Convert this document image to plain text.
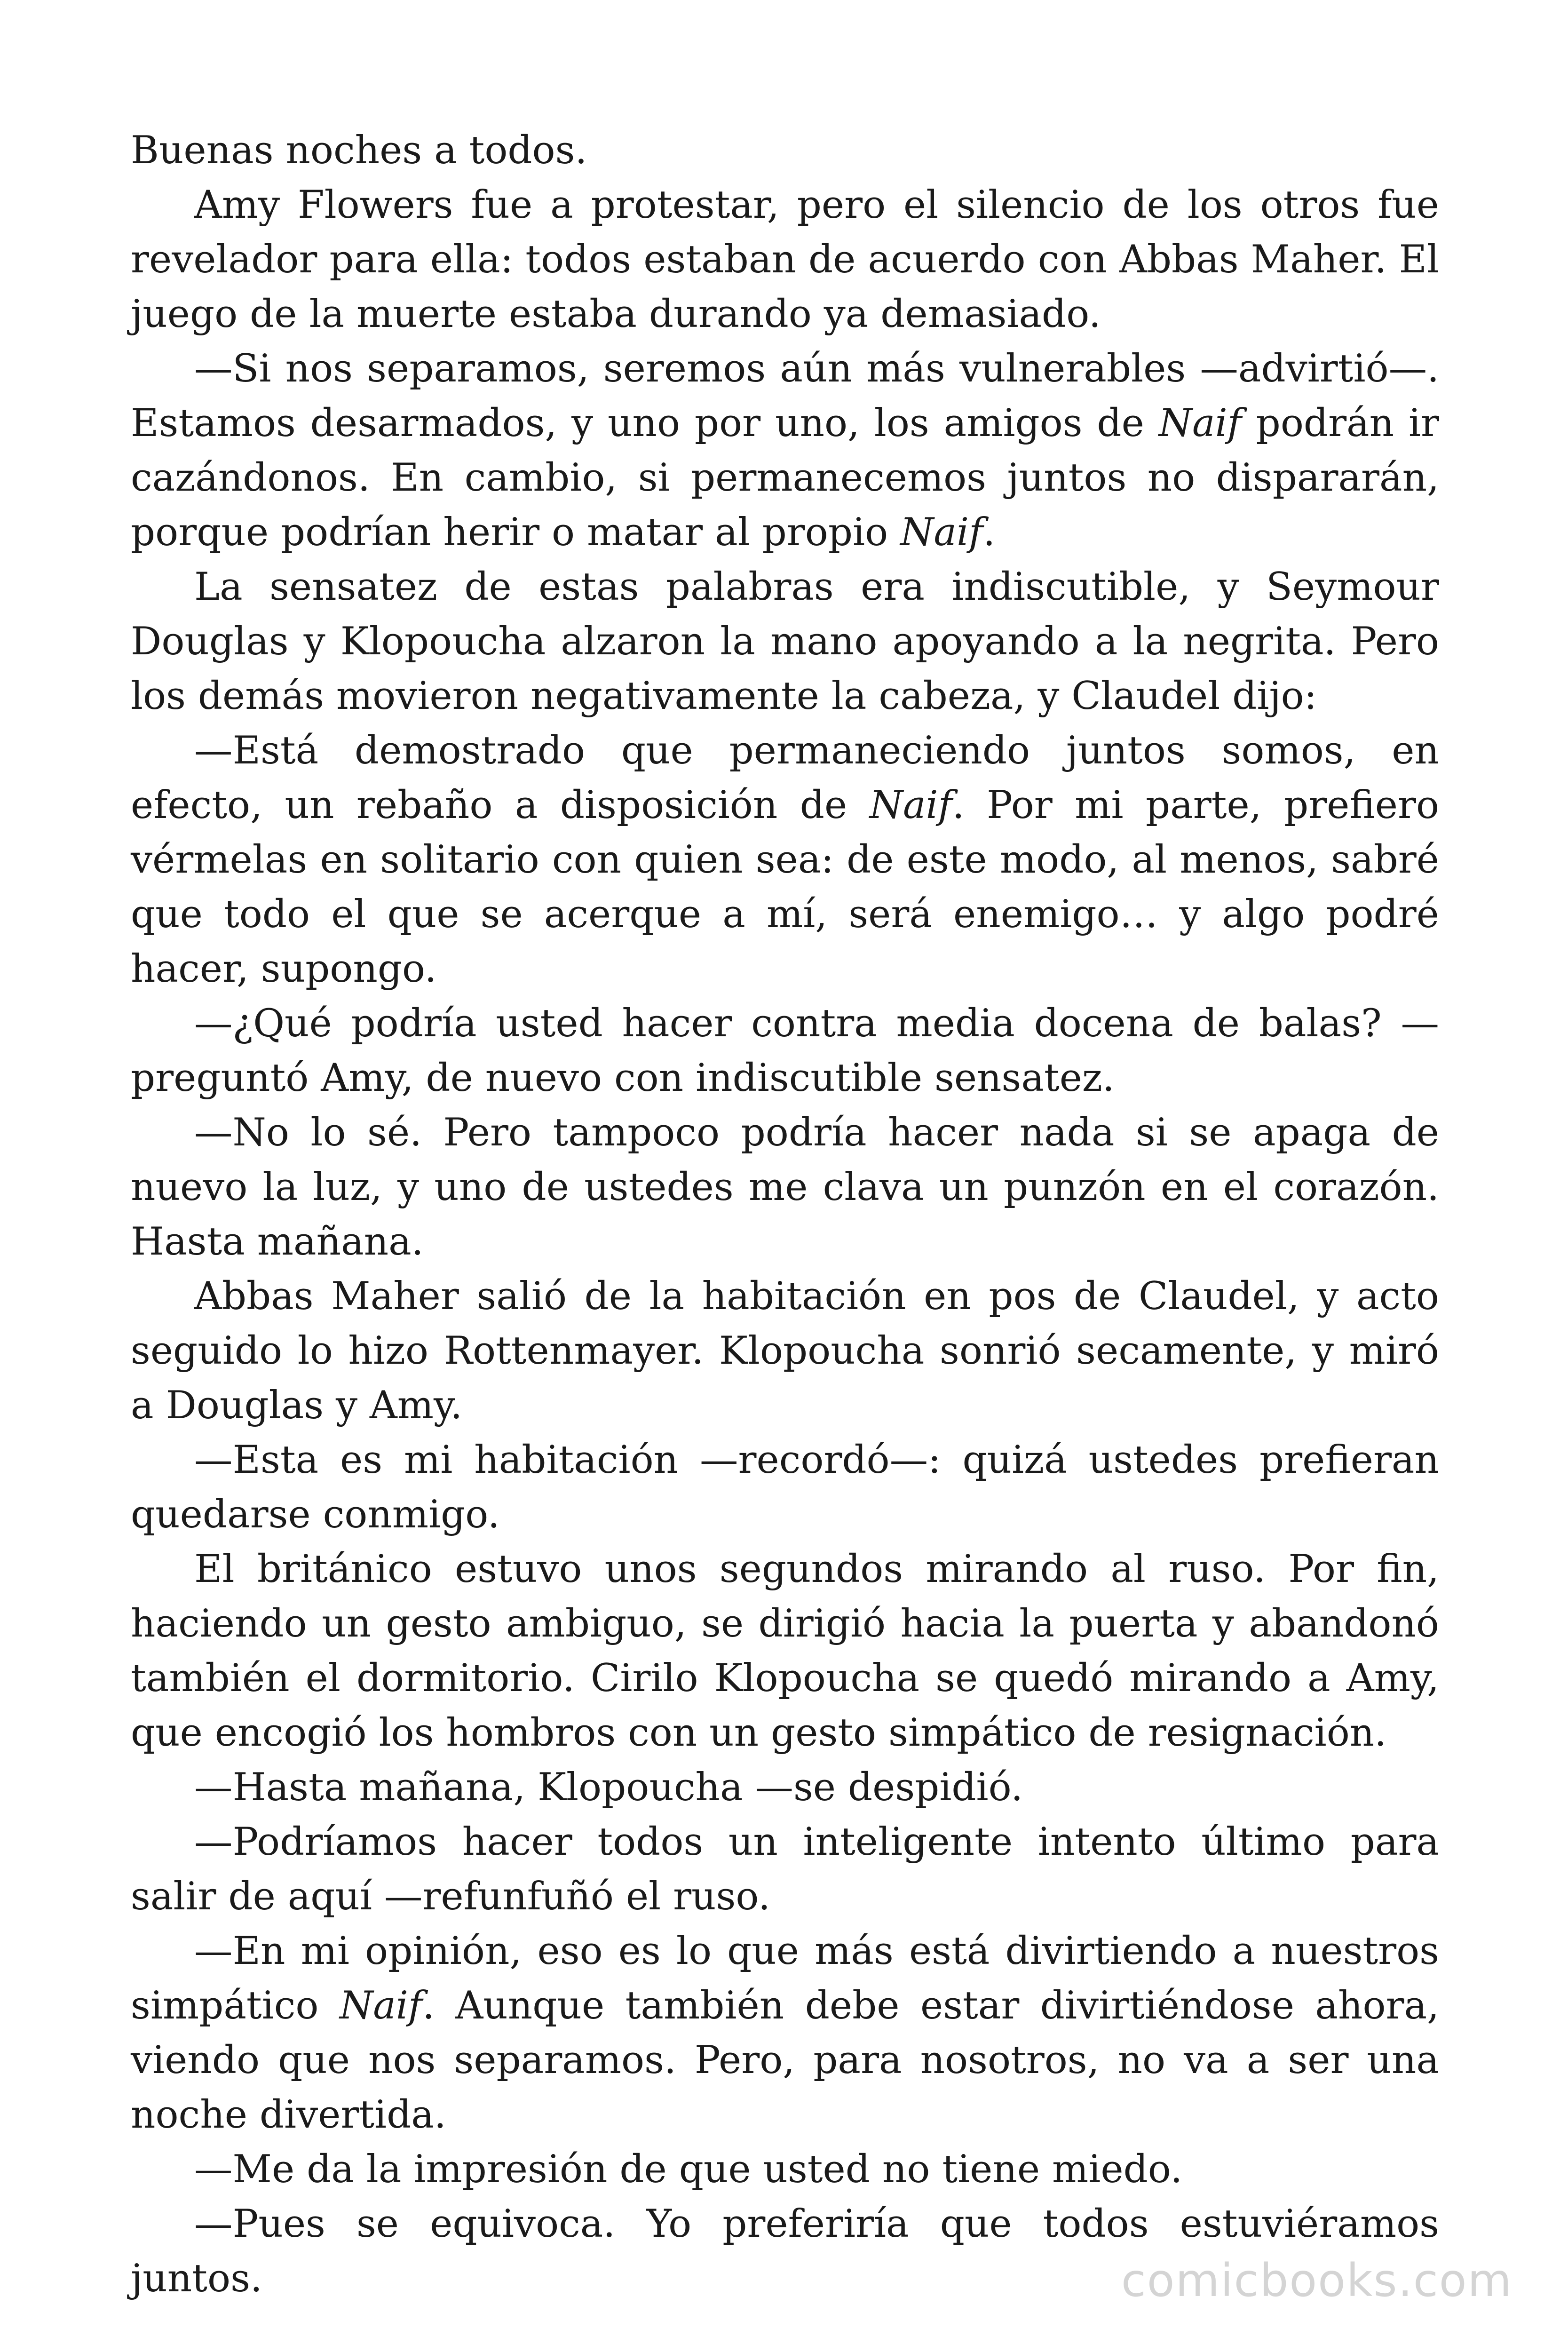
Buenas noches a todos.

Amy Flowers fue a protestar, pero el silencio de los otros fue revelador para ella: todos estaban de acuerdo con Abbas Maher. El juego de la muerte estaba durando ya demasiado.

—Si nos separamos, seremos aún más vulnerables —advirtió—. Estamos desarmados, y uno por uno, los amigos de Naif podrán ir cazándonos. En cambio, si permanecemos juntos no dispararán, porque podrían herir o matar al propio Naif.

La sensatez de estas palabras era indiscutible, y Seymour Douglas y Klopoucha alzaron la mano apoyando a la negrita. Pero los demás movieron negativamente la cabeza, y Claudel dijo:

—Está demostrado que permaneciendo juntos somos, en efecto, un rebaño a disposición de Naif. Por mi parte, prefiero vérmelas en solitario con quien sea: de este modo, al menos, sabré que todo el que se acerque a mí, será enemigo… y algo podré hacer, supongo.

—¿Qué podría usted hacer contra media docena de balas? —preguntó Amy, de nuevo con indiscutible sensatez.

—No lo sé. Pero tampoco podría hacer nada si se apaga de nuevo la luz, y uno de ustedes me clava un punzón en el corazón. Hasta mañana.

Abbas Maher salió de la habitación en pos de Claudel, y acto seguido lo hizo Rottenmayer. Klopoucha sonrió secamente, y miró a Douglas y Amy.

—Esta es mi habitación —recordó—: quizá ustedes prefieran quedarse conmigo.

El británico estuvo unos segundos mirando al ruso. Por fin, haciendo un gesto ambiguo, se dirigió hacia la puerta y abandonó también el dormitorio. Cirilo Klopoucha se quedó mirando a Amy, que encogió los hombros con un gesto simpático de resignación.

—Hasta mañana, Klopoucha —se despidió.

—Podríamos hacer todos un inteligente intento último para salir de aquí —refunfuñó el ruso.

—En mi opinión, eso es lo que más está divirtiendo a nuestros simpático Naif. Aunque también debe estar divirtiéndose ahora, viendo que nos separamos. Pero, para nosotros, no va a ser una noche divertida.

—Me da la impresión de que usted no tiene miedo.

—Pues se equivoca. Yo preferiría que todos estuviéramos juntos.	comicbooks.com
